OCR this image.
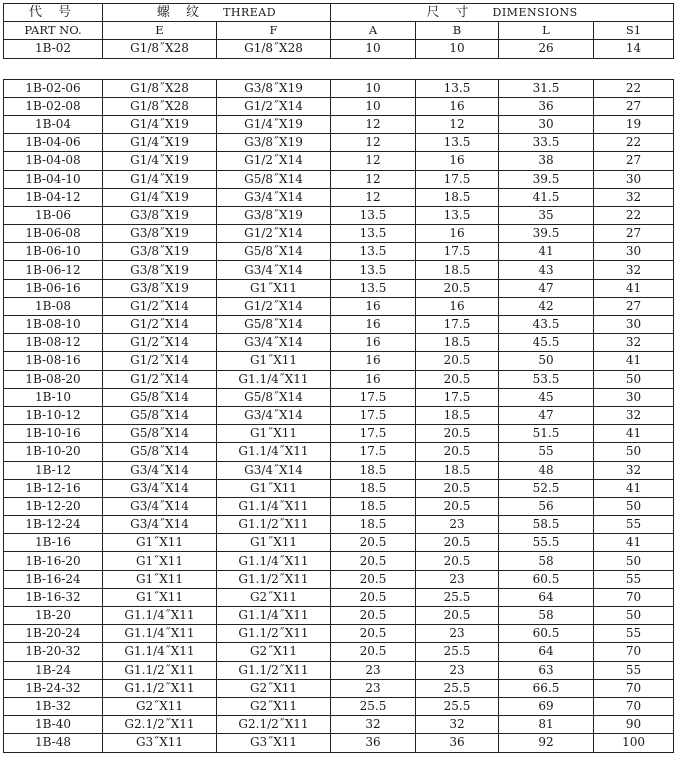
代 号	螺 纹 THREAD		尺 寸 DIMENSIONS			
PART NO.	E	F	A	B	L	S1
1B-02	G1/8˝X28	G1/8˝X28	10	10	26	14

1B-02-06	G1/8˝X28	G3/8˝X19	10	13.5	31.5	22
1B-02-08	G1/8˝X28	G1/2˝X14	10	16	36	27
1B-04	G1/4˝X19	G1/4˝X19	12	12	30	19
1B-04-06	G1/4˝X19	G3/8˝X19	12	13.5	33.5	22
1B-04-08	G1/4˝X19	G1/2˝X14	12	16	38	27
1B-04-10	G1/4˝X19	G5/8˝X14	12	17.5	39.5	30
1B-04-12	G1/4˝X19	G3/4˝X14	12	18.5	41.5	32
1B-06	G3/8˝X19	G3/8˝X19	13.5	13.5	35	22
1B-06-08	G3/8˝X19	G1/2˝X14	13.5	16	39.5	27
1B-06-10	G3/8˝X19	G5/8˝X14	13.5	17.5	41	30
1B-06-12	G3/8˝X19	G3/4˝X14	13.5	18.5	43	32
1B-06-16	G3/8˝X19	G1˝X11	13.5	20.5	47	41
1B-08	G1/2˝X14	G1/2˝X14	16	16	42	27
1B-08-10	G1/2˝X14	G5/8˝X14	16	17.5	43.5	30
1B-08-12	G1/2˝X14	G3/4˝X14	16	18.5	45.5	32
1B-08-16	G1/2˝X14	G1˝X11	16	20.5	50	41
1B-08-20	G1/2˝X14	G1.1/4˝X11	16	20.5	53.5	50
1B-10	G5/8˝X14	G5/8˝X14	17.5	17.5	45	30
1B-10-12	G5/8˝X14	G3/4˝X14	17.5	18.5	47	32
1B-10-16	G5/8˝X14	G1˝X11	17.5	20.5	51.5	41
1B-10-20	G5/8˝X14	G1.1/4˝X11	17.5	20.5	55	50
1B-12	G3/4˝X14	G3/4˝X14	18.5	18.5	48	32
1B-12-16	G3/4˝X14	G1˝X11	18.5	20.5	52.5	41
1B-12-20	G3/4˝X14	G1.1/4˝X11	18.5	20.5	56	50
1B-12-24	G3/4˝X14	G1.1/2˝X11	18.5	23	58.5	55
1B-16	G1˝X11	G1˝X11	20.5	20.5	55.5	41
1B-16-20	G1˝X11	G1.1/4˝X11	20.5	20.5	58	50
1B-16-24	G1˝X11	G1.1/2˝X11	20.5	23	60.5	55
1B-16-32	G1˝X11	G2˝X11	20.5	25.5	64	70
1B-20	G1.1/4˝X11	G1.1/4˝X11	20.5	20.5	58	50
1B-20-24	G1.1/4˝X11	G1.1/2˝X11	20.5	23	60.5	55
1B-20-32	G1.1/4˝X11	G2˝X11	20.5	25.5	64	70
1B-24	G1.1/2˝X11	G1.1/2˝X11	23	23	63	55
1B-24-32	G1.1/2˝X11	G2˝X11	23	25.5	66.5	70
1B-32	G2˝X11	G2˝X11	25.5	25.5	69	70
1B-40	G2.1/2˝X11	G2.1/2˝X11	32	32	81	90
1B-48	G3˝X11	G3˝X11	36	36	92	100
